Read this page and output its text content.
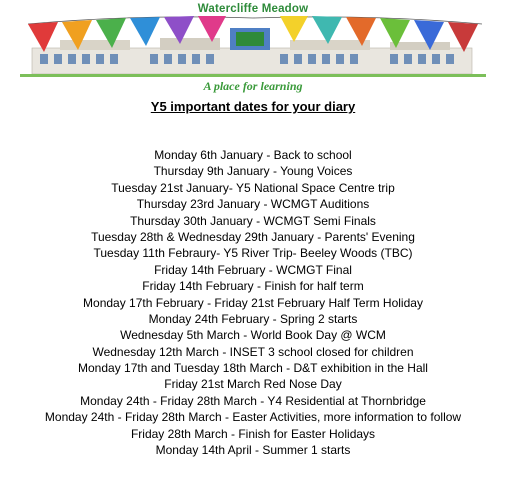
Watercliffe Meadow
A place for learning
Y5 important dates for your diary
Monday 6th January - Back to school
Thursday 9th January - Young Voices
Tuesday 21st January- Y5 National Space Centre trip
Thursday 23rd January - WCMGT Auditions
Thursday 30th January - WCMGT Semi Finals
Tuesday 28th & Wednesday 29th January - Parents' Evening
Tuesday 11th Febraury- Y5 River Trip- Beeley Woods (TBC)
Friday 14th February - WCMGT Final
Friday 14th February - Finish for half term
Monday 17th February - Friday 21st February Half Term Holiday
Monday 24th February - Spring 2 starts
Wednesday 5th March - World Book Day @ WCM
Wednesday 12th March - INSET 3 school closed for children
Monday 17th and Tuesday 18th March - D&T exhibition in the Hall
Friday 21st March Red Nose Day
Monday 24th - Friday 28th March - Y4 Residential at Thornbridge
Monday 24th - Friday 28th March - Easter Activities, more information to follow
Friday 28th March - Finish for Easter Holidays
Monday 14th April - Summer 1 starts
